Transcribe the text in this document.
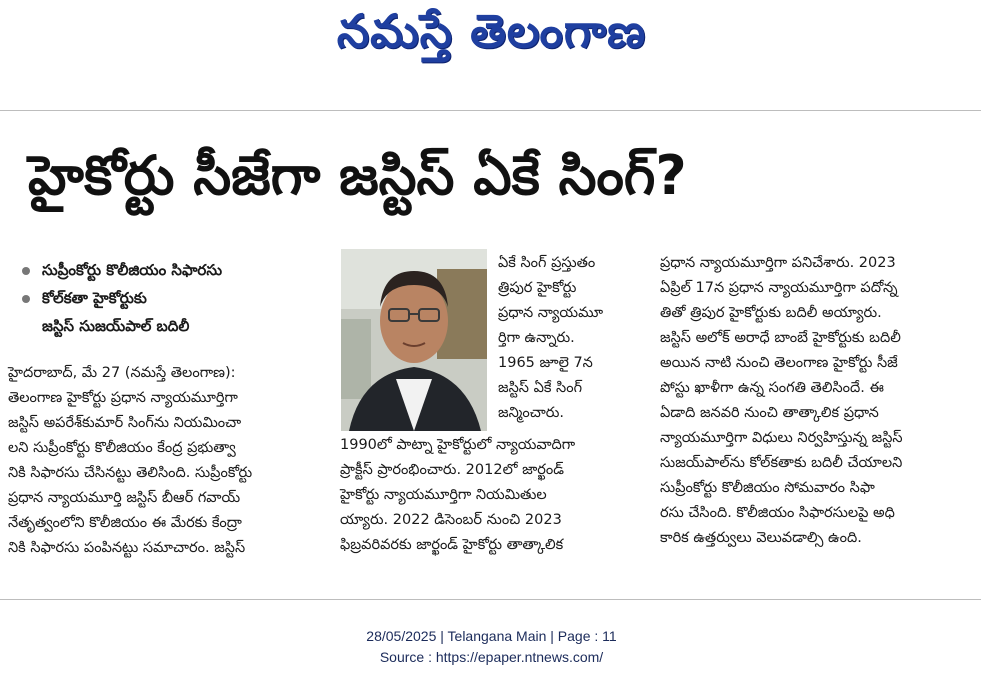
నమస్తే తెలంగాణ
హైకోర్టు సీజేగా జస్టిస్ ఏకే సింగ్?
సుప్రీంకోర్టు కొలీజియం సిఫారసు
కోల్‌కతా హైకోర్టుకు
జస్టిస్ సుజయ్‌పాల్ బదిలీ

హైదరాబాద్, మే 27 (నమస్తే తెలంగాణ):

తెలంగాణ హైకోర్టు ప్రధాన న్యాయమూర్తిగా

జస్టిస్ అపరేశ్‌కుమార్ సింగ్‌ను నియమించా

లని సుప్రీంకోర్టు కొలీజియం కేంద్ర ప్రభుత్వా

నికి సిఫారసు చేసినట్టు తెలిసింది. సుప్రీంకోర్టు

ప్రధాన న్యాయమూర్తి జస్టిస్ బీఆర్ గవాయ్

నేతృత్వంలోని కొలీజియం ఈ మేరకు కేంద్రా

నికి సిఫారసు పంపినట్టు సమాచారం. జస్టిస్

ఏకే సింగ్ ప్రస్తుతం

త్రిపుర హైకోర్టు

ప్రధాన న్యాయమూ

ర్తిగా ఉన్నారు.

1965 జూలై 7న

జస్టిస్ ఏకే సింగ్

జన్మించారు.

1990లో పాట్నా హైకోర్టులో న్యాయవాదిగా

ప్రాక్టీస్ ప్రారంభించారు. 2012లో జార్ఖండ్

హైకోర్టు న్యాయమూర్తిగా నియమితుల

య్యారు. 2022 డిసెంబర్ నుంచి 2023

ఫిబ్రవరివరకు జార్ఖండ్ హైకోర్టు తాత్కాలిక

ప్రధాన న్యాయమూర్తిగా పనిచేశారు. 2023

ఏప్రిల్ 17న ప్రధాన న్యాయమూర్తిగా పదోన్న

తితో త్రిపుర హైకోర్టుకు బదిలీ అయ్యారు.

జస్టిస్ అలోక్ అరాధే బాంబే హైకోర్టుకు బదిలీ

అయిన నాటి నుంచి తెలంగాణ హైకోర్టు సీజే

పోస్టు ఖాళీగా ఉన్న సంగతి తెలిసిందే. ఈ

ఏడాది జనవరి నుంచి తాత్కాలిక ప్రధాన

న్యాయమూర్తిగా విధులు నిర్వహిస్తున్న జస్టిస్

సుజయ్‌పాల్‌ను కోల్‌కతాకు బదిలీ చేయాలని

సుప్రీంకోర్టు కొలీజియం సోమవారం సిఫా

రసు చేసింది. కొలీజియం సిఫారసులపై అధి

కారిక ఉత్తర్వులు వెలువడాల్సి ఉంది.

28/05/2025 | Telangana Main | Page : 11
Source : https://epaper.ntnews.com/
